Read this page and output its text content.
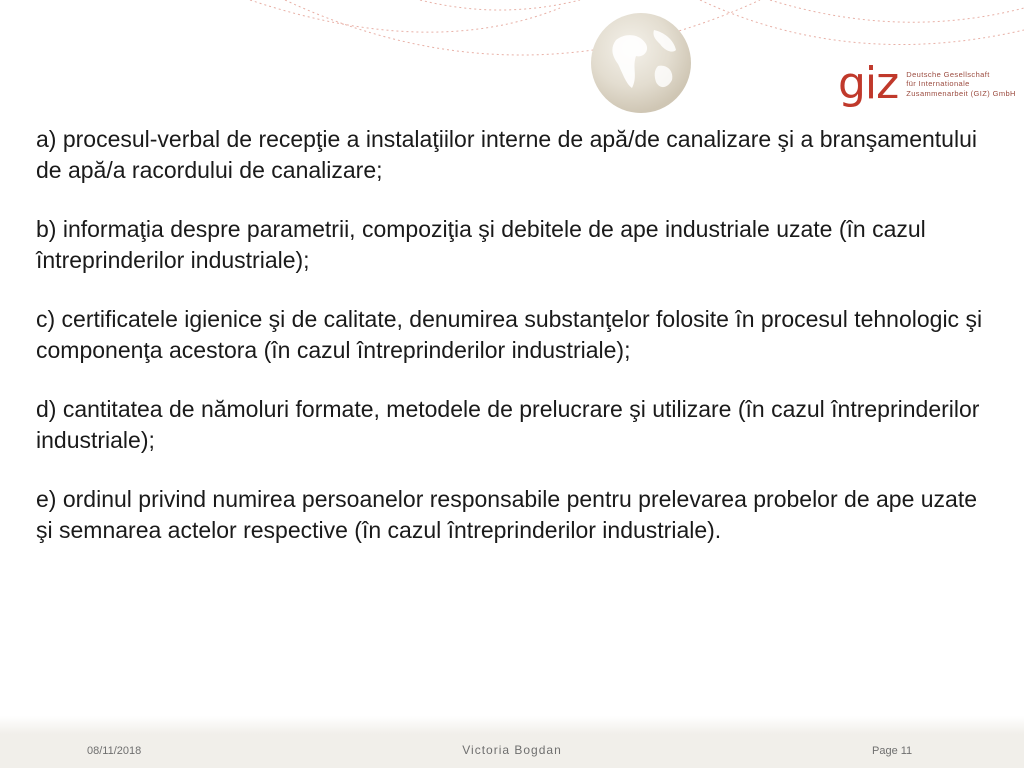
giz Deutsche Gesellschaft
für Internationale
Zusammenarbeit (GIZ) GmbH

a) procesul-verbal de recepţie a instalaţiilor interne de apă/de canalizare şi a branşamentului de apă/a racordului de canalizare;

b) informaţia despre parametrii, compoziţia şi debitele de ape industriale uzate (în cazul întreprinderilor industriale);

c) certificatele igienice şi de calitate, denumirea substanţelor folosite în procesul tehnologic şi componenţa acestora (în cazul întreprinderilor industriale);

d) cantitatea de nămoluri formate, metodele de prelucrare şi utilizare (în cazul întreprinderilor industriale);

e) ordinul privind numirea persoanelor responsabile pentru prelevarea probelor de ape uzate şi semnarea actelor respective (în cazul întreprinderilor industriale).

08/11/2018	Victoria Bogdan	Page 11
